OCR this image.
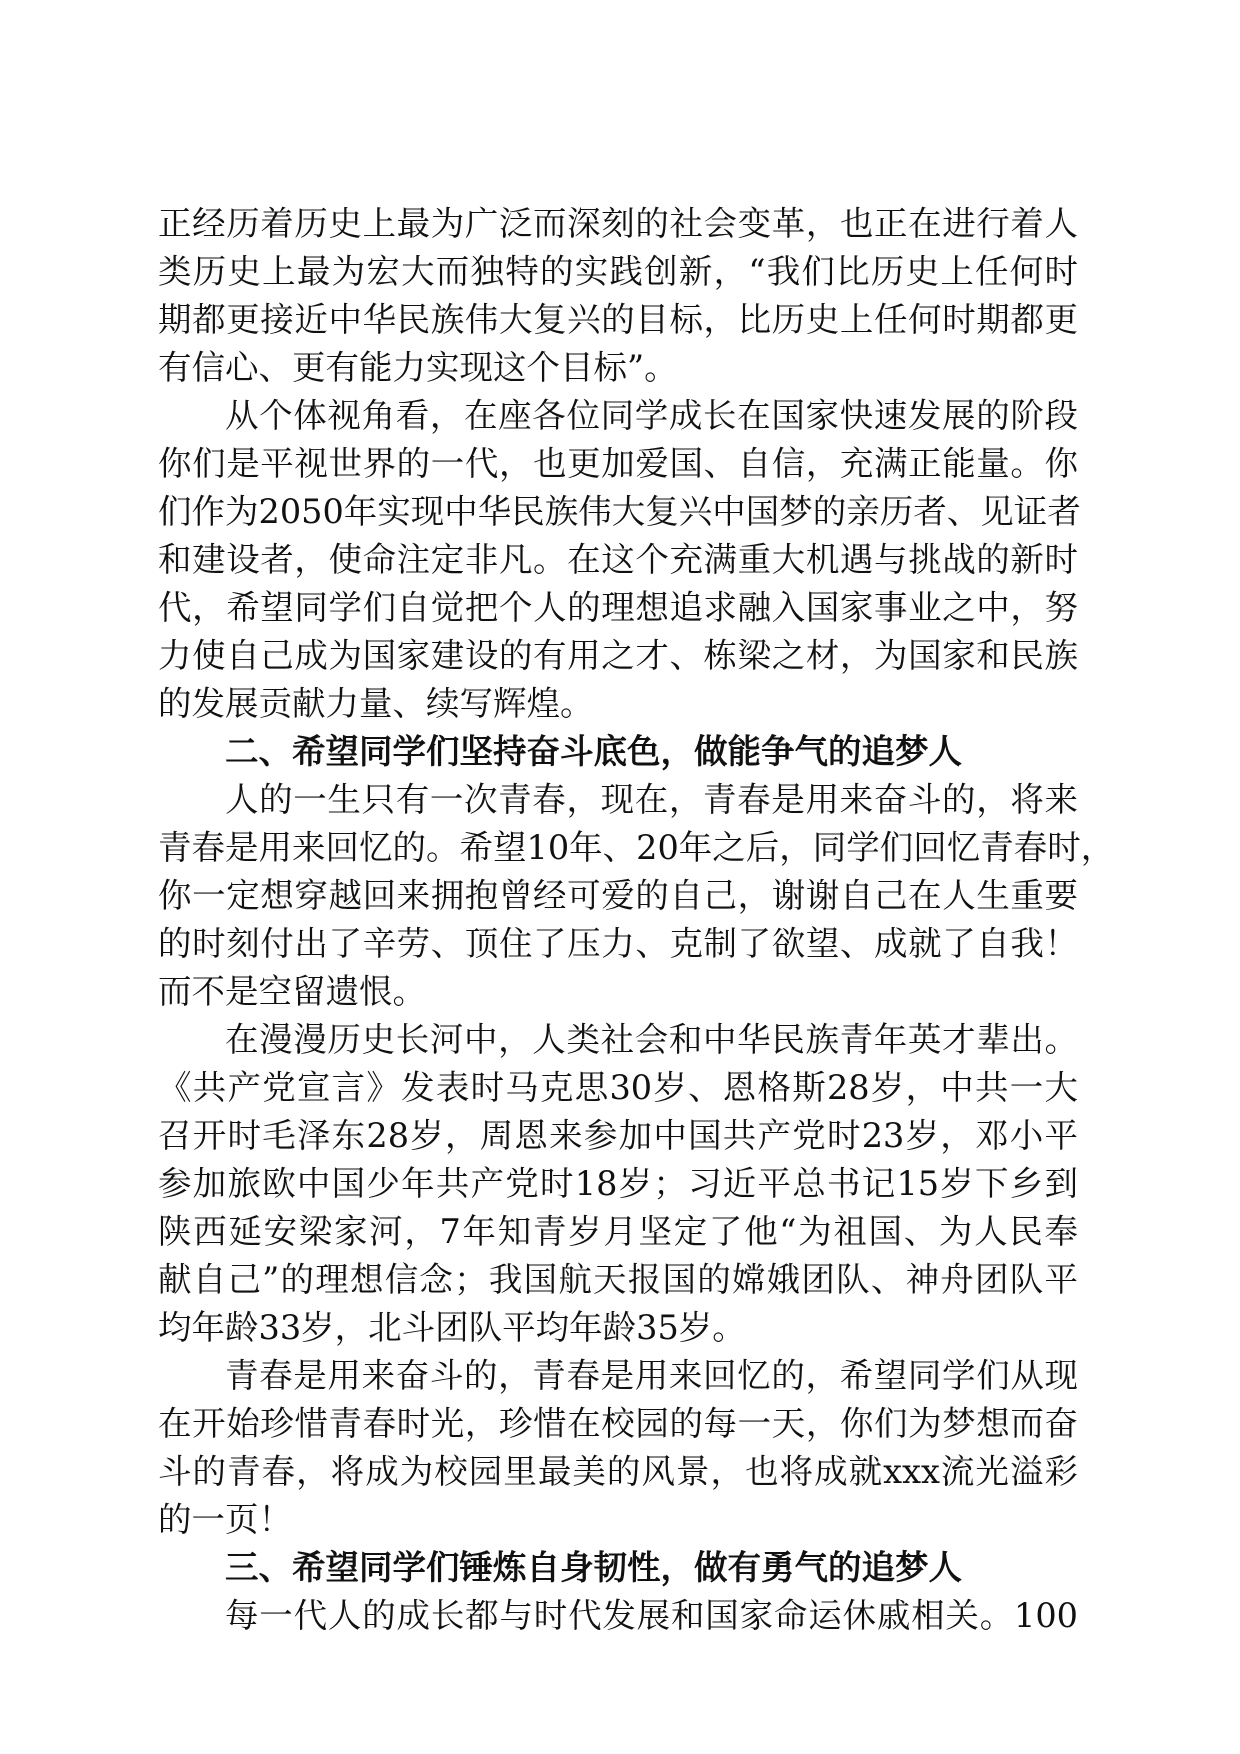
正经历着历史上最为广泛而深刻的社会变革，也正在进行着人
类历史上最为宏大而独特的实践创新，“我们比历史上任何时
期都更接近中华民族伟大复兴的目标，比历史上任何时期都更
有信心、更有能力实现这个目标”。
从个体视角看，在座各位同学成长在国家快速发展的阶段
你们是平视世界的一代，也更加爱国、自信，充满正能量。你
们作为2050年实现中华民族伟大复兴中国梦的亲历者、见证者
和建设者，使命注定非凡。在这个充满重大机遇与挑战的新时
代，希望同学们自觉把个人的理想追求融入国家事业之中，努
力使自己成为国家建设的有用之才、栋梁之材，为国家和民族
的发展贡献力量、续写辉煌。
二、希望同学们坚持奋斗底色，做能争气的追梦人
人的一生只有一次青春，现在，青春是用来奋斗的，将来
青春是用来回忆的。希望10年、20年之后，同学们回忆青春时，
你一定想穿越回来拥抱曾经可爱的自己，谢谢自己在人生重要
的时刻付出了辛劳、顶住了压力、克制了欲望、成就了自我！
而不是空留遗恨。
在漫漫历史长河中，人类社会和中华民族青年英才辈出。
《共产党宣言》发表时马克思30岁、恩格斯28岁，中共一大
召开时毛泽东28岁，周恩来参加中国共产党时23岁，邓小平
参加旅欧中国少年共产党时18岁；习近平总书记15岁下乡到
陕西延安梁家河，7年知青岁月坚定了他“为祖国、为人民奉
献自己”的理想信念；我国航天报国的嫦娥团队、神舟团队平
均年龄33岁，北斗团队平均年龄35岁。
青春是用来奋斗的，青春是用来回忆的，希望同学们从现
在开始珍惜青春时光，珍惜在校园的每一天，你们为梦想而奋
斗的青春，将成为校园里最美的风景，也将成就xxx流光溢彩
的一页！
三、希望同学们锤炼自身韧性，做有勇气的追梦人
每一代人的成长都与时代发展和国家命运休戚相关。100
